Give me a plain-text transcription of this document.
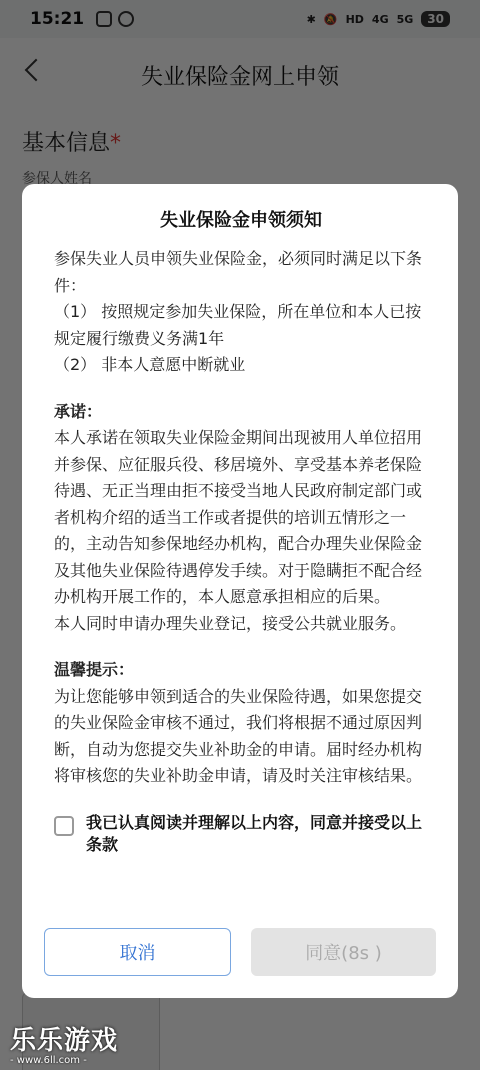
失业保险金申领须知
参保失业人员申领失业保险金，必须同时满足以下条件：
（1） 按照规定参加失业保险，所在单位和本人已按规定履行缴费义务满1年
（2） 非本人意愿中断就业
承诺：
本人承诺在领取失业保险金期间出现被用人单位招用并参保、应征服兵役、移居境外、享受基本养老保险待遇、无正当理由拒不接受当地人民政府制定部门或者机构介绍的适当工作或者提供的培训五情形之一的，主动告知参保地经办机构，配合办理失业保险金及其他失业保险待遇停发手续。对于隐瞒拒不配合经办机构开展工作的，本人愿意承担相应的后果。
本人同时申请办理失业登记，接受公共就业服务。
温馨提示：
为让您能够申领到适合的失业保险待遇，如果您提交的失业保险金审核不通过，我们将根据不通过原因判断，自动为您提交失业补助金的申请。届时经办机构将审核您的失业补助金申请，请及时关注审核结果。
我已认真阅读并理解以上内容，同意并接受以上条款
取消	同意(8s )
乐乐游戏
- www.6ll.com -
